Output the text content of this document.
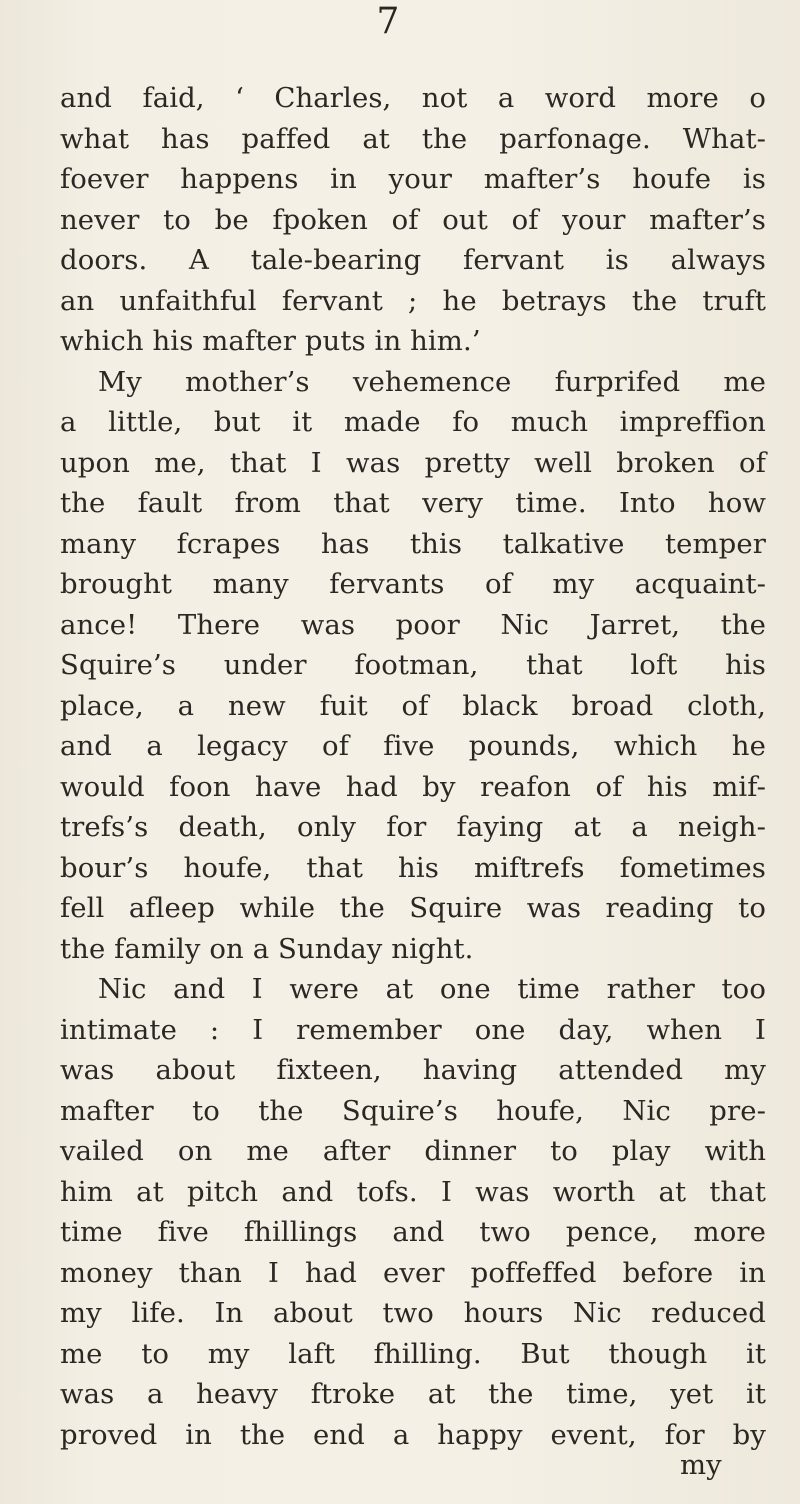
7
and faid, ‘ Charles, not a word more o
what has paffed at the parfonage. What-
foever happens in your mafter’s houfe is
never to be fpoken of out of your mafter’s
doors. A tale-bearing fervant is always
an unfaithful fervant ; he betrays the truft
which his mafter puts in him.’
My mother’s vehemence furprifed me
a little, but it made fo much impreffion
upon me, that I was pretty well broken of
the fault from that very time. Into how
many fcrapes has this talkative temper
brought many fervants of my acquaint-
ance! There was poor Nic Jarret, the
Squire’s under footman, that loft his
place, a new fuit of black broad cloth,
and a legacy of five pounds, which he
would foon have had by reafon of his mif-
trefs’s death, only for faying at a neigh-
bour’s houfe, that his miftrefs fometimes
fell afleep while the Squire was reading to
the family on a Sunday night.
Nic and I were at one time rather too
intimate : I remember one day, when I
was about fixteen, having attended my
mafter to the Squire’s houfe, Nic pre-
vailed on me after dinner to play with
him at pitch and tofs. I was worth at that
time five fhillings and two pence, more
money than I had ever poffeffed before in
my life. In about two hours Nic reduced
me to my laft fhilling. But though it
was a heavy ftroke at the time, yet it
proved in the end a happy event, for by
my
